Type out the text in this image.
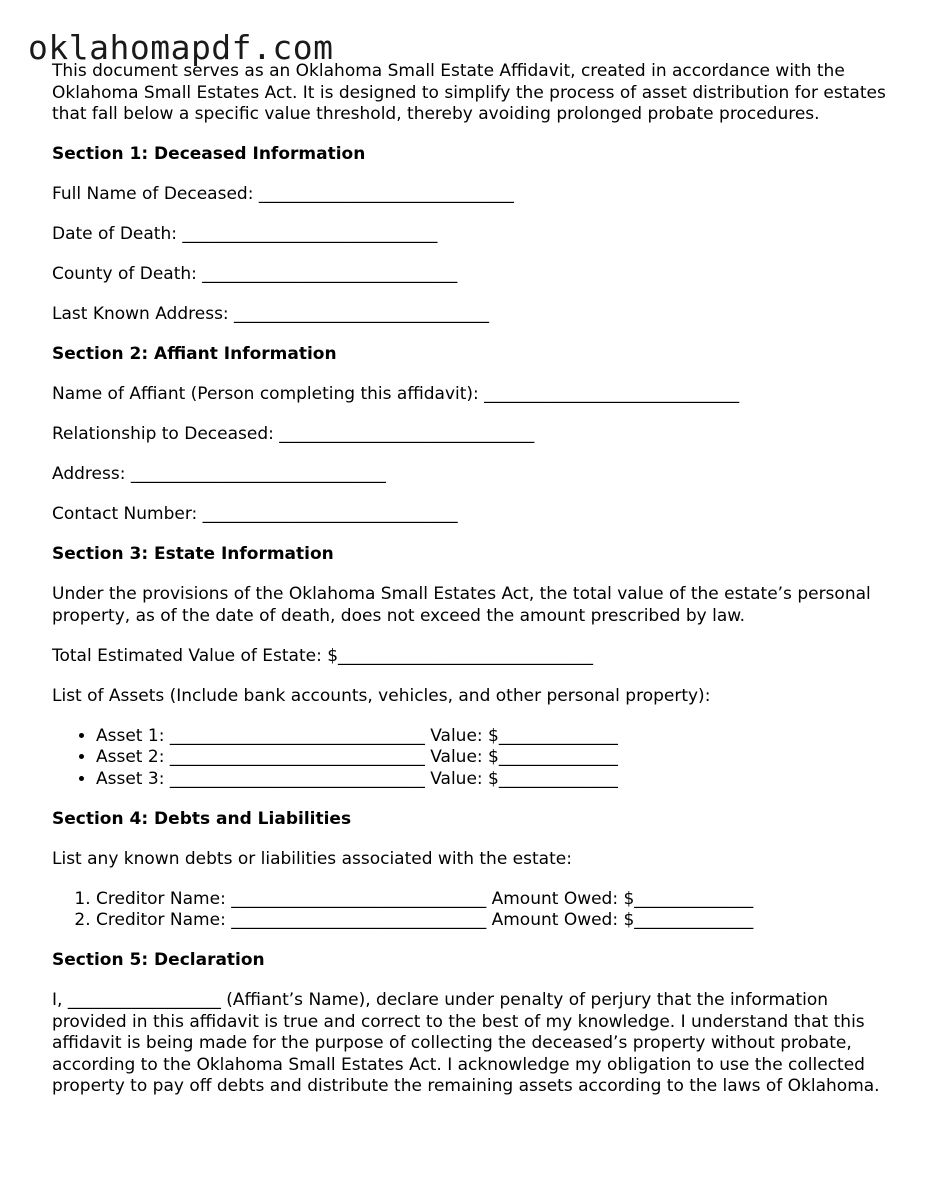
oklahomapdf.com

This document serves as an Oklahoma Small Estate Affidavit, created in accordance with the Oklahoma Small Estates Act. It is designed to simplify the process of asset distribution for estates that fall below a specific value threshold, thereby avoiding prolonged probate procedures.

Section 1: Deceased Information

Full Name of Deceased: ______________________________

Date of Death: ______________________________

County of Death: ______________________________

Last Known Address: ______________________________

Section 2: Affiant Information

Name of Affiant (Person completing this affidavit): ______________________________

Relationship to Deceased: ______________________________

Address: ______________________________

Contact Number: ______________________________

Section 3: Estate Information

Under the provisions of the Oklahoma Small Estates Act, the total value of the estate’s personal property, as of the date of death, does not exceed the amount prescribed by law.

Total Estimated Value of Estate: $______________________________

List of Assets (Include bank accounts, vehicles, and other personal property):

• Asset 1: ______________________________ Value: $______________
• Asset 2: ______________________________ Value: $______________
• Asset 3: ______________________________ Value: $______________
Section 4: Debts and Liabilities

List any known debts or liabilities associated with the estate:

1. Creditor Name: ______________________________ Amount Owed: $______________
2. Creditor Name: ______________________________ Amount Owed: $______________
Section 5: Declaration

I, __________________ (Affiant’s Name), declare under penalty of perjury that the information provided in this affidavit is true and correct to the best of my knowledge. I understand that this affidavit is being made for the purpose of collecting the deceased’s property without probate, according to the Oklahoma Small Estates Act. I acknowledge my obligation to use the collected property to pay off debts and distribute the remaining assets according to the laws of Oklahoma.
